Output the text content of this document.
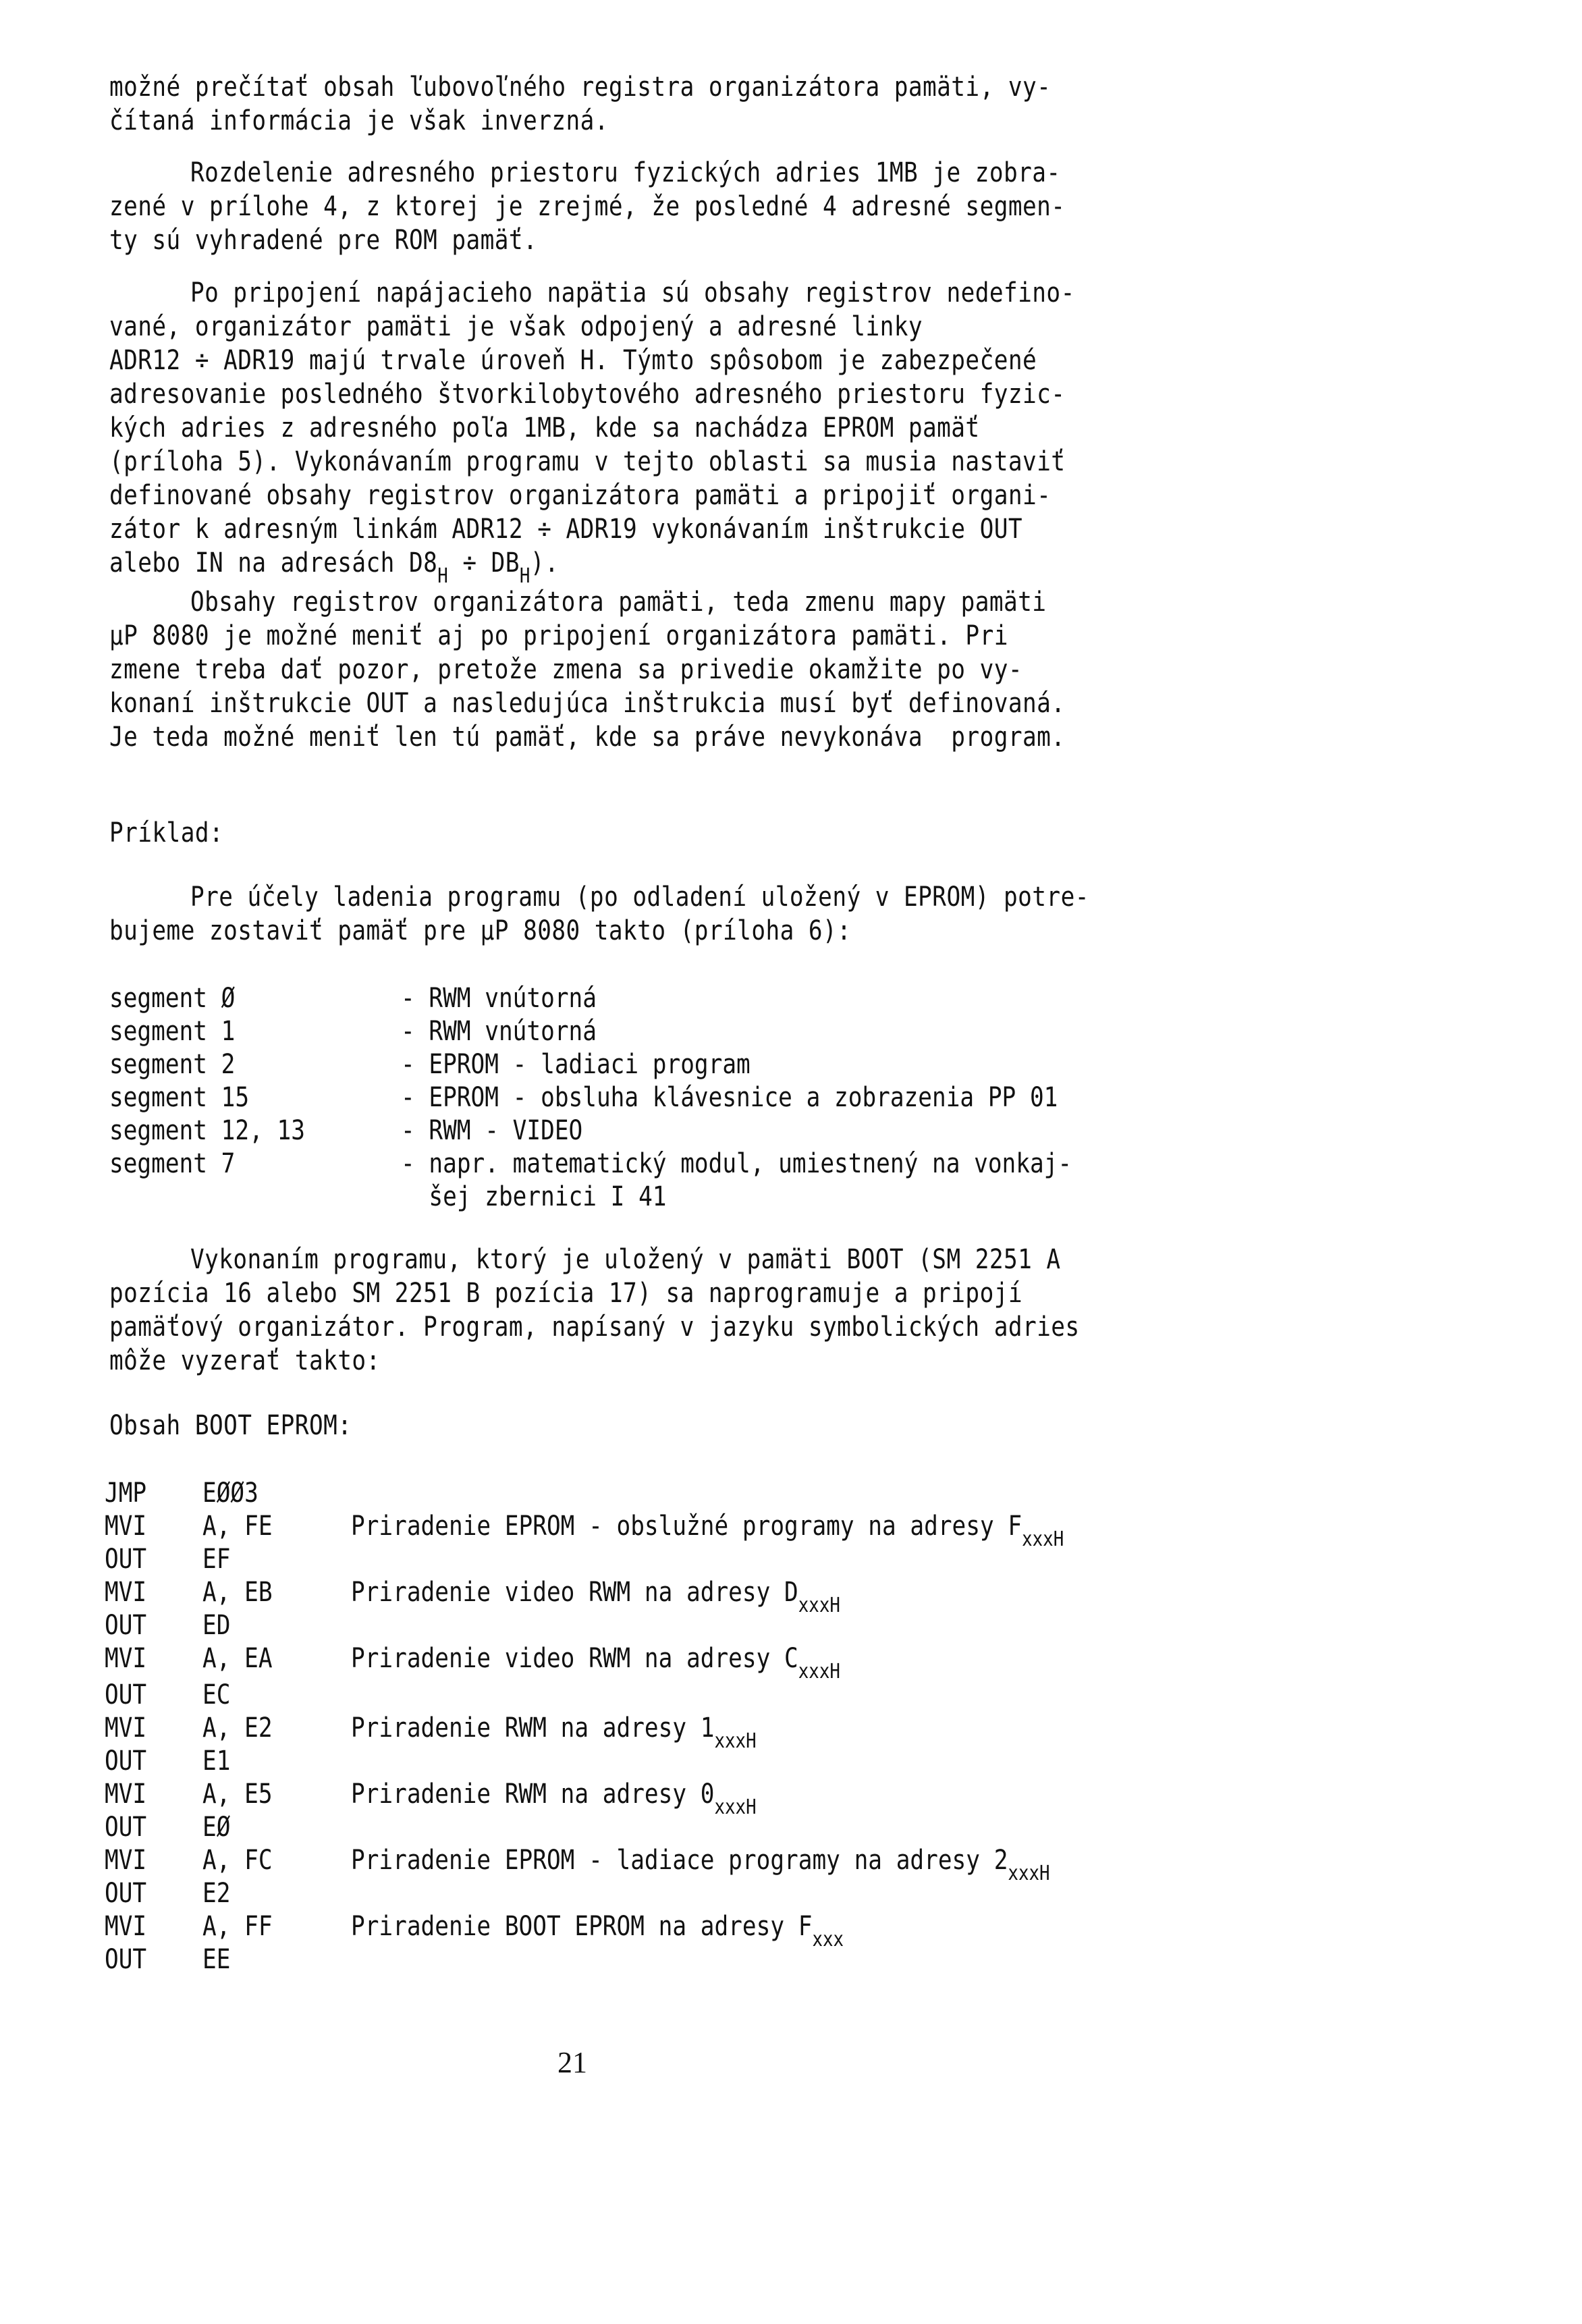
možné prečítať obsah ľubovoľného registra organizátora pamäti, vy-
čítaná informácia je však inverzná.
Rozdelenie adresného priestoru fyzických adries 1MB je zobra-
zené v prílohe 4, z ktorej je zrejmé, že posledné 4 adresné segmen-
ty sú vyhradené pre ROM pamäť.
Po pripojení napájacieho napätia sú obsahy registrov nedefino-
vané, organizátor pamäti je však odpojený a adresné linky
ADR12 ÷ ADR19 majú trvale úroveň H. Týmto spôsobom je zabezpečené
adresovanie posledného štvorkilobytového adresného priestoru fyzic-
kých adries z adresného poľa 1MB, kde sa nachádza EPROM pamäť
(príloha 5). Vykonávaním programu v tejto oblasti sa musia nastaviť
definované obsahy registrov organizátora pamäti a pripojiť organi-
zátor k adresným linkám ADR12 ÷ ADR19 vykonávaním inštrukcie OUT
alebo IN na adresách $D8_H \div DB_H$).
Obsahy registrov organizátora pamäti, teda zmenu mapy pamäti
µP 8080 je možné meniť aj po pripojení organizátora pamäti. Pri
zmene treba dať pozor, pretože zmena sa privedie okamžite po vy-
konaní inštrukcie OUT a nasledujúca inštrukcia musí byť definovaná.
Je teda možné meniť len tú pamäť, kde sa práve nevykonáva  program.
Príklad:
Pre účely ladenia programu (po odladení uložený v EPROM) potre-
bujeme zostaviť pamäť pre µP 8080 takto (príloha 6):
segment Ø	- RWM vnútorná
segment 1	- RWM vnútorná
segment 2	- EPROM - ladiaci program
segment 15	- EPROM - obsluha klávesnice a zobrazenia PP 01
segment 12, 13	- RWM - VIDEO
segment 7	- napr. matematický modul, umiestnený na vonkaj-
šej zbernici I 41
Vykonaním programu, ktorý je uložený v pamäti BOOT (SM 2251 A
pozícia 16 alebo SM 2251 B pozícia 17) sa naprogramuje a pripojí
pamäťový organizátor. Program, napísaný v jazyku symbolických adries
môže vyzerať takto:
Obsah BOOT EPROM:
JMP EØØ3
MVI A, FE	Priradenie EPROM - obslužné programy na adresy $F_{xxxH}$
OUT EF
MVI A, EB	Priradenie video RWM na adresy $D_{xxxH}$
OUT ED
MVI A, EA	Priradenie video RWM na adresy $C_{xxxH}$
OUT EC
MVI A, E2	Priradenie RWM na adresy $1_{xxxH}$
OUT E1
MVI A, E5	Priradenie RWM na adresy $0_{xxxH}$
OUT EØ
MVI A, FC	Priradenie EPROM - ladiace programy na adresy $2_{xxxH}$
OUT E2
MVI A, FF	Priradenie BOOT EPROM na adresy $F_{xxx}$
OUT EE
21
